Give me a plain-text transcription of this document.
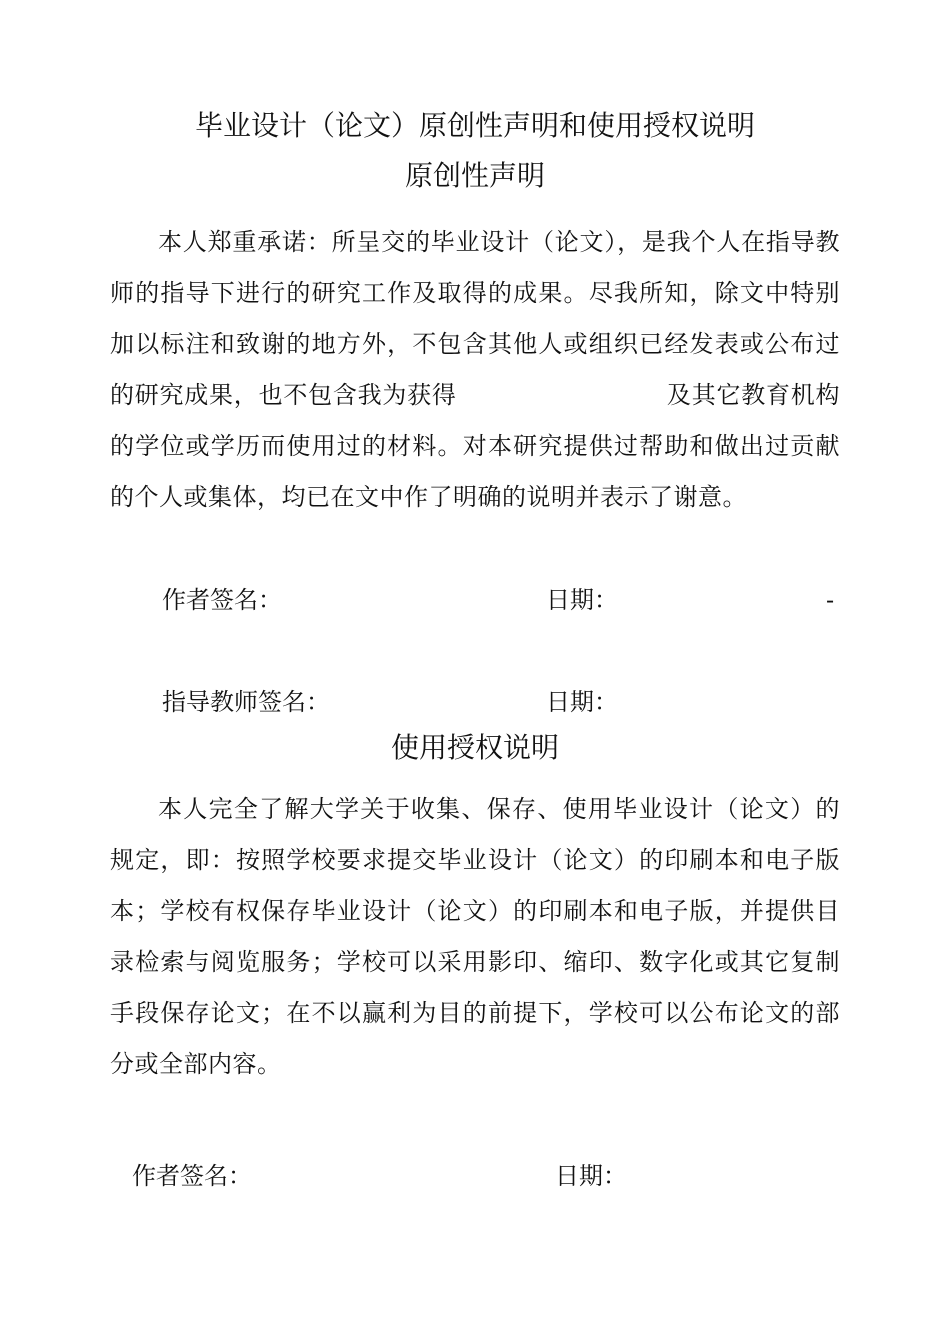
毕业设计（论文）原创性声明和使用授权说明
原创性声明

本人郑重承诺：所呈交的毕业设计（论文），是我个人在指导教师的指导下进行的研究工作及取得的成果。尽我所知，除文中特别加以标注和致谢的地方外，不包含其他人或组织已经发表或公布过的研究成果，也不包含我为获得	及其它教育机构的学位或学历而使用过的材料。对本研究提供过帮助和做出过贡献的个人或集体，均已在文中作了明确的说明并表示了谢意。

作者签名：	日期：	-
指导教师签名：	日期：
使用授权说明

本人完全了解大学关于收集、保存、使用毕业设计（论文）的规定，即：按照学校要求提交毕业设计（论文）的印刷本和电子版本；学校有权保存毕业设计（论文）的印刷本和电子版，并提供目录检索与阅览服务；学校可以采用影印、缩印、数字化或其它复制手段保存论文；在不以赢利为目的前提下，学校可以公布论文的部分或全部内容。

作者签名：	日期：
